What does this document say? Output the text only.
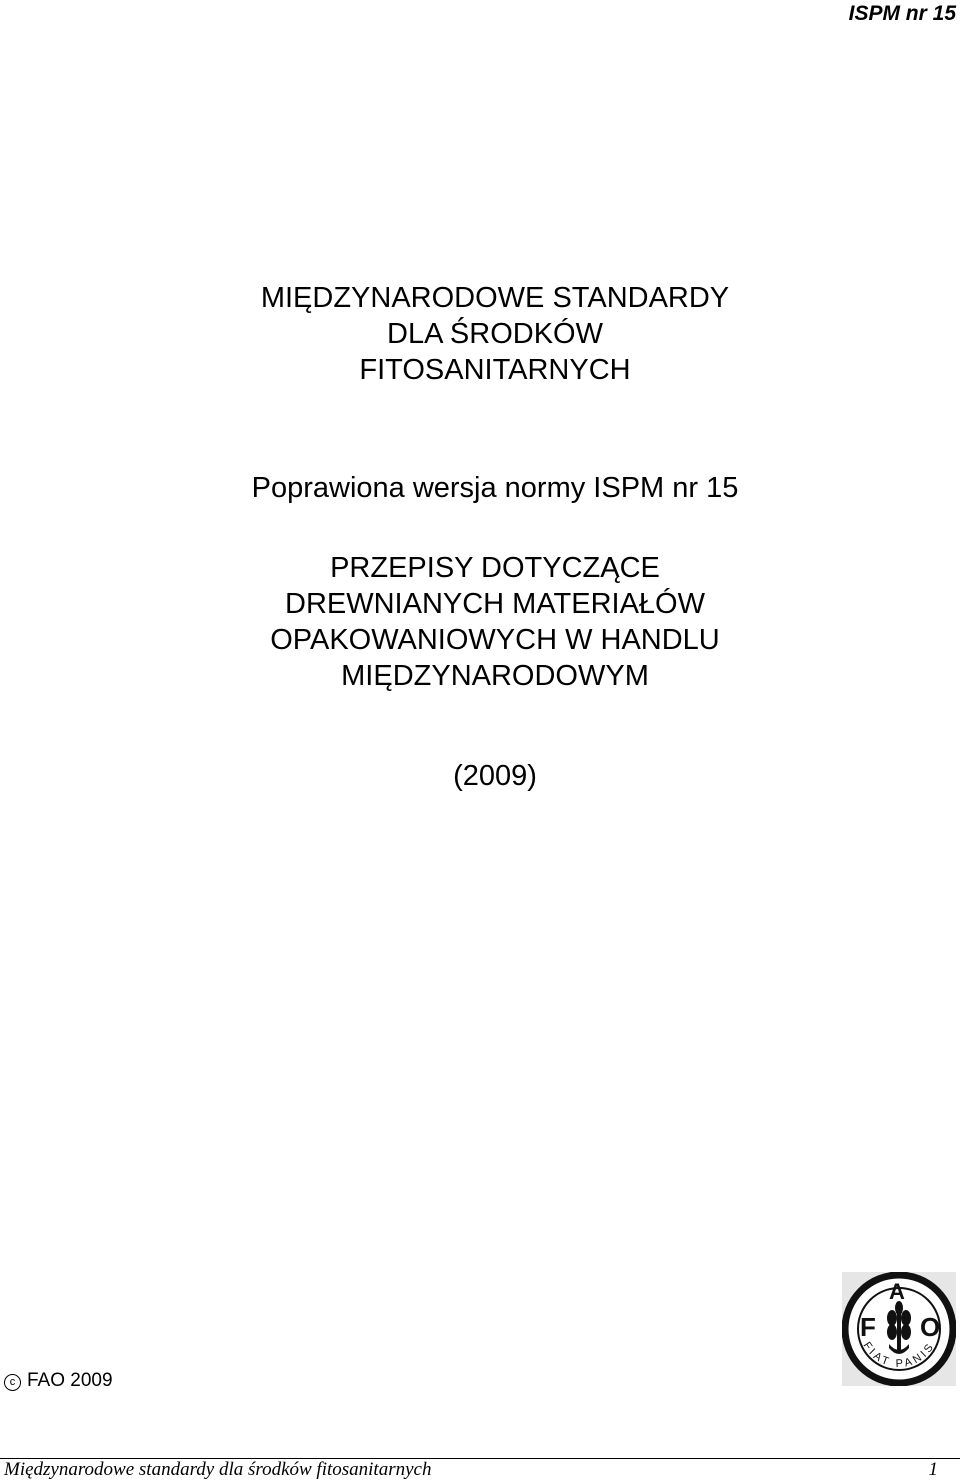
ISPM nr 15
MIĘDZYNARODOWE STANDARDY
DLA ŚRODKÓW
FITOSANITARNYCH
Poprawiona wersja normy ISPM nr 15
PRZEPISY DOTYCZĄCE
DREWNIANYCH MATERIAŁÓW
OPAKOWANIOWYCH W HANDLU
MIĘDZYNARODOWYM
(2009)
c FAO 2009
F
A
O
FIAT PANIS
Międzynarodowe standardy dla środków fitosanitarnych	1
